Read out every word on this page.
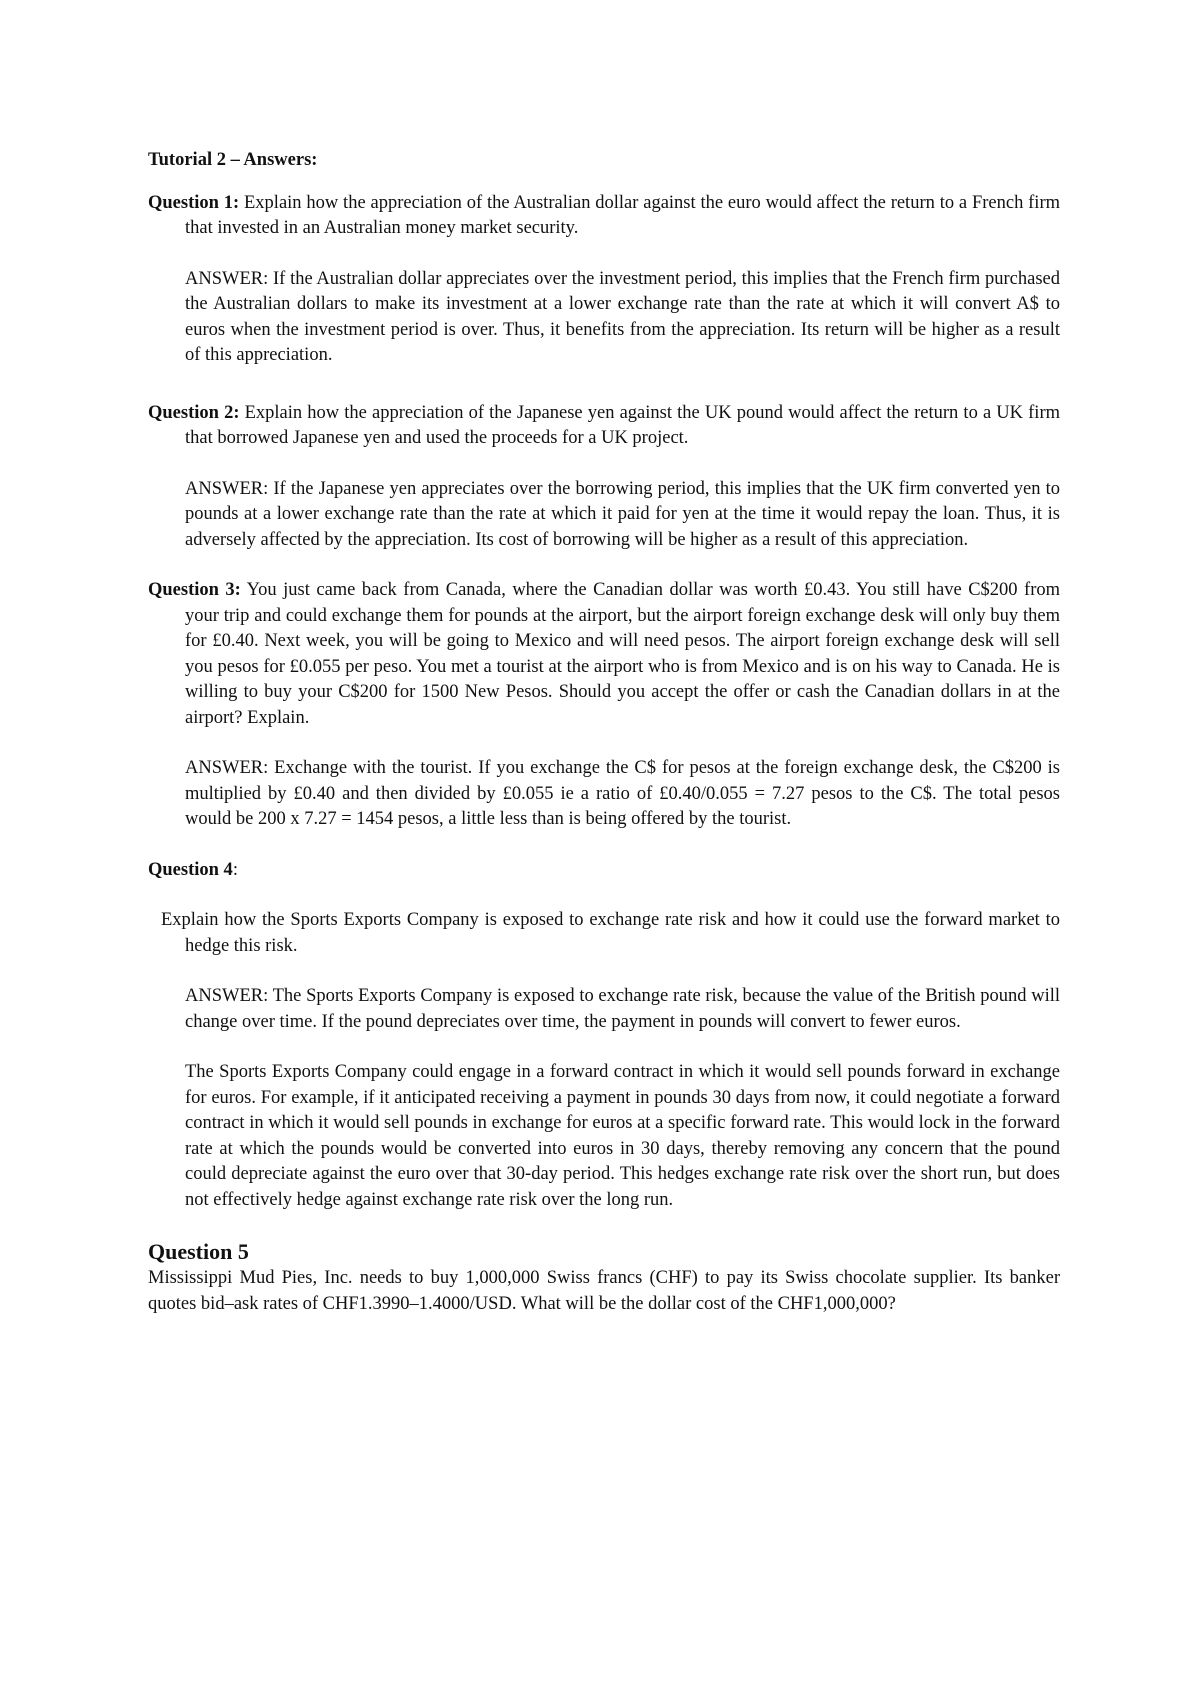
Tutorial 2 – Answers:

Question 1: Explain how the appreciation of the Australian dollar against the euro would affect the return to a French firm that invested in an Australian money market security.

ANSWER: If the Australian dollar appreciates over the investment period, this implies that the French firm purchased the Australian dollars to make its investment at a lower exchange rate than the rate at which it will convert A$ to euros when the investment period is over. Thus, it benefits from the appreciation. Its return will be higher as a result of this appreciation.

Question 2: Explain how the appreciation of the Japanese yen against the UK pound would affect the return to a UK firm that borrowed Japanese yen and used the proceeds for a UK project.

ANSWER: If the Japanese yen appreciates over the borrowing period, this implies that the UK firm converted yen to pounds at a lower exchange rate than the rate at which it paid for yen at the time it would repay the loan. Thus, it is adversely affected by the appreciation. Its cost of borrowing will be higher as a result of this appreciation.

Question 3: You just came back from Canada, where the Canadian dollar was worth £0.43. You still have C$200 from your trip and could exchange them for pounds at the airport, but the airport foreign exchange desk will only buy them for £0.40. Next week, you will be going to Mexico and will need pesos. The airport foreign exchange desk will sell you pesos for £0.055 per peso. You met a tourist at the airport who is from Mexico and is on his way to Canada. He is willing to buy your C$200 for 1500 New Pesos. Should you accept the offer or cash the Canadian dollars in at the airport? Explain.

ANSWER: Exchange with the tourist. If you exchange the C$ for pesos at the foreign exchange desk, the C$200 is multiplied by £0.40 and then divided by £0.055 ie a ratio of £0.40/0.055 = 7.27 pesos to the C$. The total pesos would be 200 x 7.27 = 1454 pesos, a little less than is being offered by the tourist.

Question 4:

Explain how the Sports Exports Company is exposed to exchange rate risk and how it could use the forward market to hedge this risk.

ANSWER: The Sports Exports Company is exposed to exchange rate risk, because the value of the British pound will change over time. If the pound depreciates over time, the payment in pounds will convert to fewer euros.

The Sports Exports Company could engage in a forward contract in which it would sell pounds forward in exchange for euros. For example, if it anticipated receiving a payment in pounds 30 days from now, it could negotiate a forward contract in which it would sell pounds in exchange for euros at a specific forward rate. This would lock in the forward rate at which the pounds would be converted into euros in 30 days, thereby removing any concern that the pound could depreciate against the euro over that 30-day period. This hedges exchange rate risk over the short run, but does not effectively hedge against exchange rate risk over the long run.

Question 5

Mississippi Mud Pies, Inc. needs to buy 1,000,000 Swiss francs (CHF) to pay its Swiss chocolate supplier. Its banker quotes bid–ask rates of CHF1.3990–1.4000/USD. What will be the dollar cost of the CHF1,000,000?
